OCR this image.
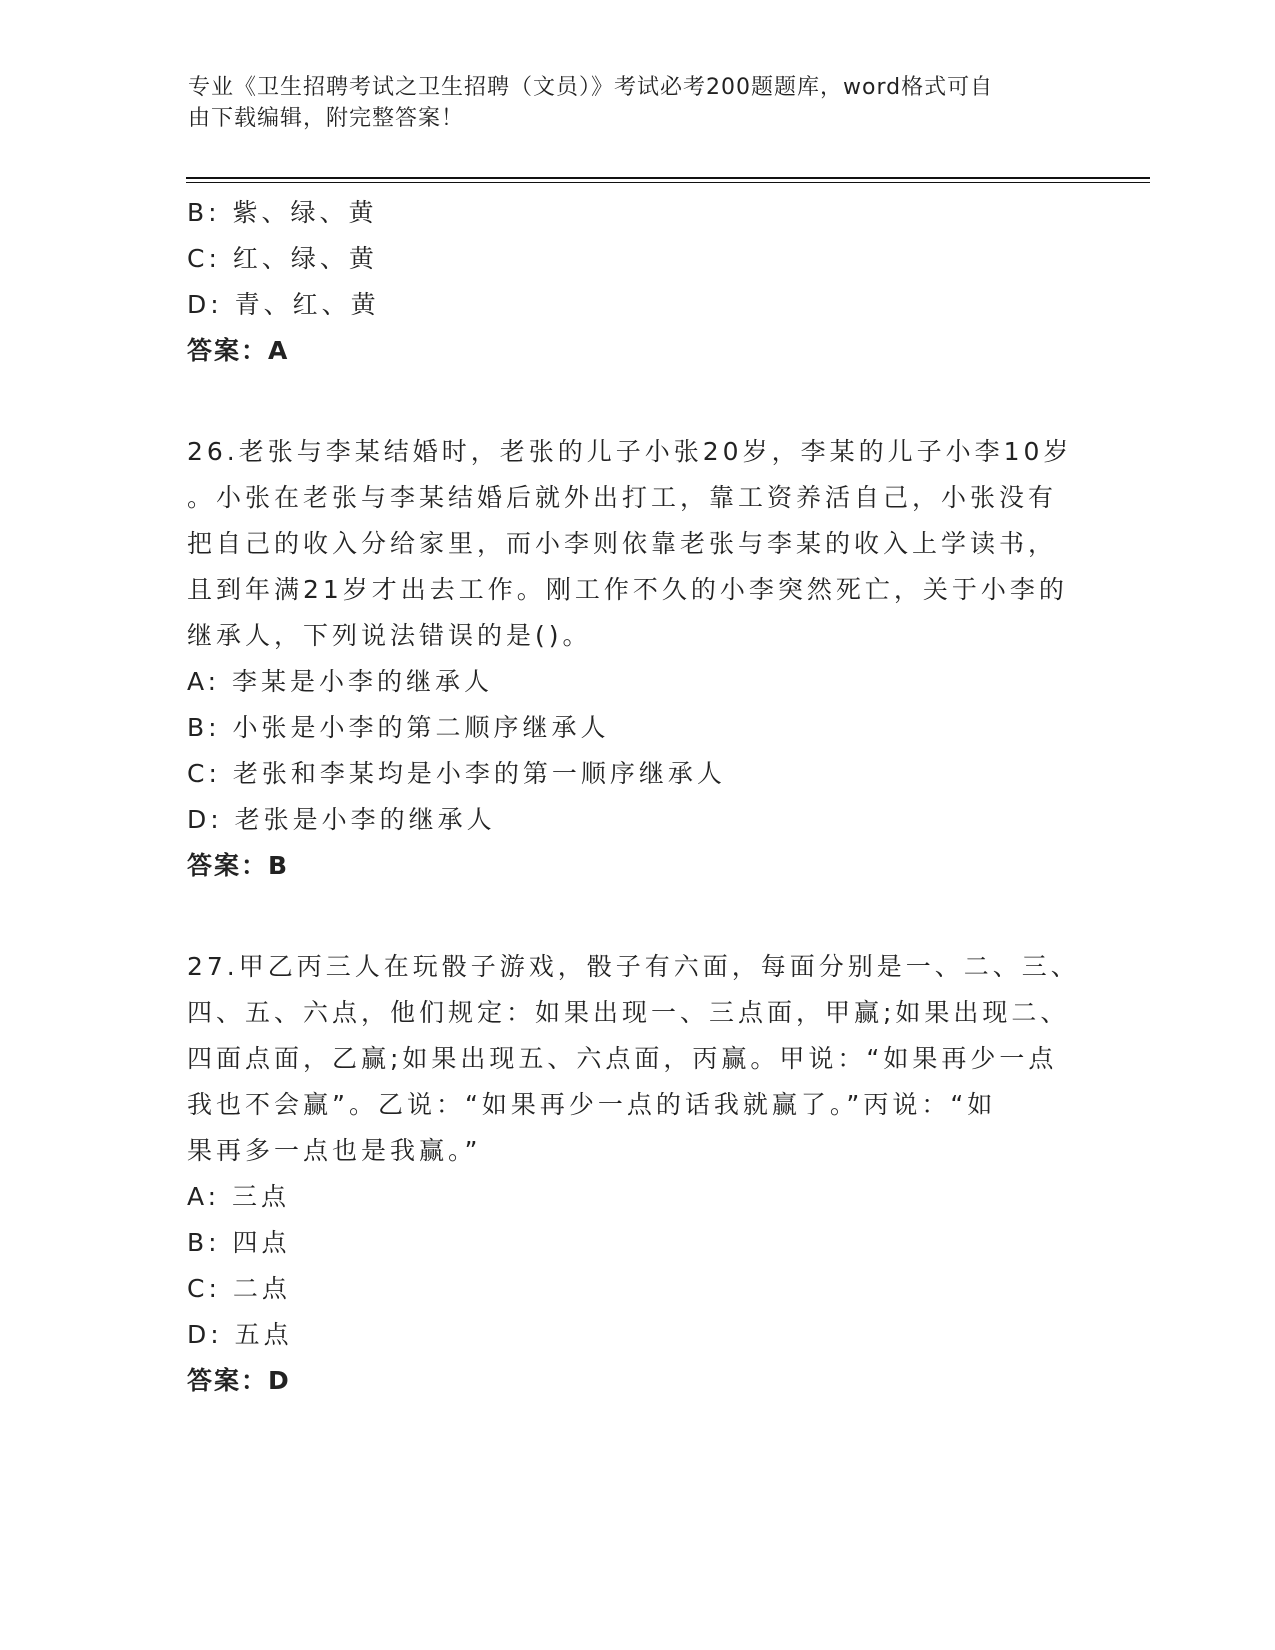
专业《卫生招聘考试之卫生招聘（文员）》考试必考200题题库，word格式可自
由下载编辑，附完整答案！
B: 紫、绿、黄
C: 红、绿、黄
D: 青、红、黄
答案：A
26.老张与李某结婚时，老张的儿子小张20岁，李某的儿子小李10岁
。小张在老张与李某结婚后就外出打工，靠工资养活自己，小张没有
把自己的收入分给家里，而小李则依靠老张与李某的收入上学读书，
且到年满21岁才出去工作。刚工作不久的小李突然死亡，关于小李的
继承人，下列说法错误的是()。
A: 李某是小李的继承人
B: 小张是小李的第二顺序继承人
C: 老张和李某均是小李的第一顺序继承人
D: 老张是小李的继承人
答案：B
27.甲乙丙三人在玩骰子游戏，骰子有六面，每面分别是一、二、三、
四、五、六点，他们规定：如果出现一、三点面，甲赢;如果出现二、
四面点面，乙赢;如果出现五、六点面，丙赢。甲说：“如果再少一点
我也不会赢”。乙说：“如果再少一点的话我就赢了。”丙说：“如
果再多一点也是我赢。”
A: 三点
B: 四点
C: 二点
D: 五点
答案：D
